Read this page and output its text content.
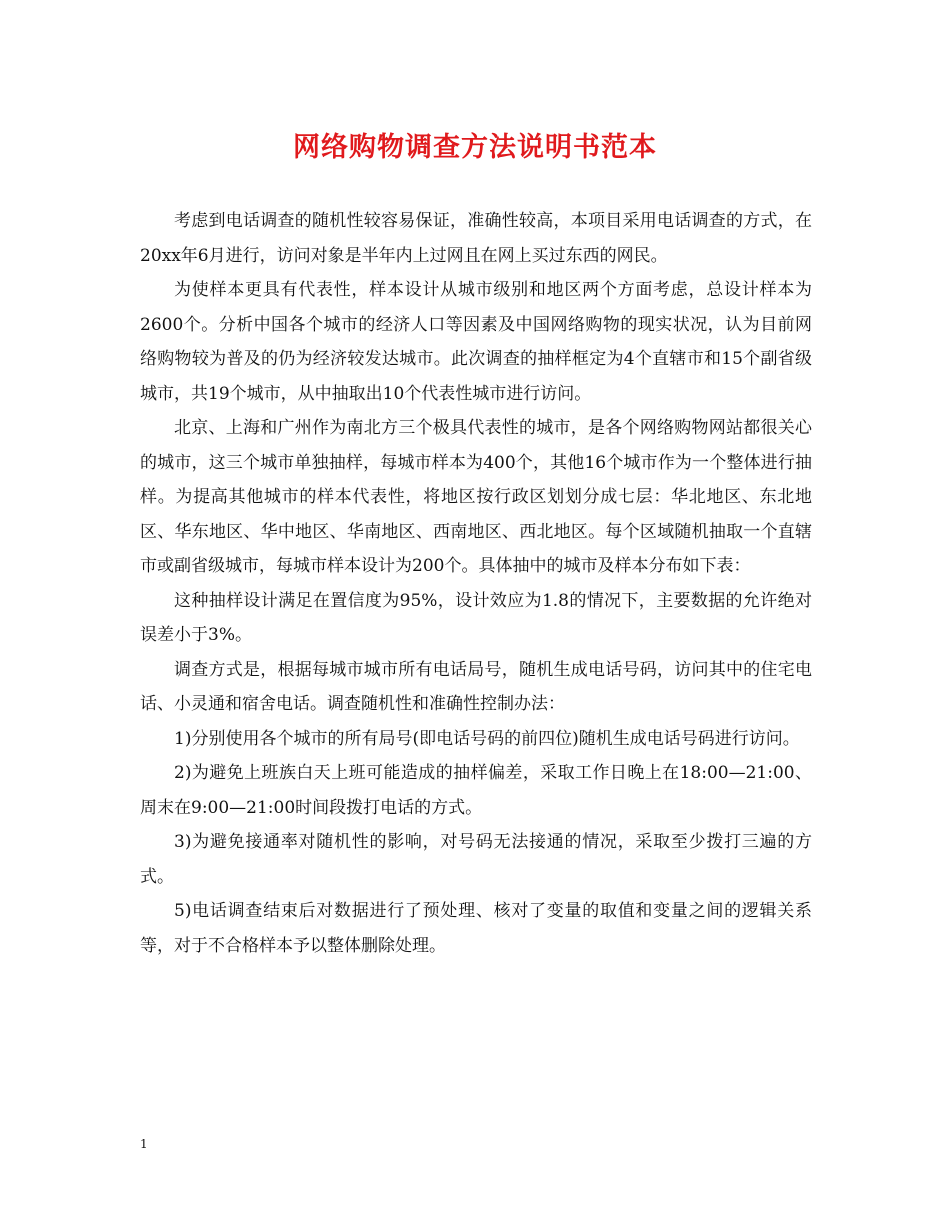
网络购物调查方法说明书范本

考虑到电话调查的随机性较容易保证，准确性较高，本项目采用电话调查的方式，在20xx年6月进行，访问对象是半年内上过网且在网上买过东西的网民。

为使样本更具有代表性，样本设计从城市级别和地区两个方面考虑，总设计样本为2600个。分析中国各个城市的经济人口等因素及中国网络购物的现实状况，认为目前网络购物较为普及的仍为经济较发达城市。此次调查的抽样框定为4个直辖市和15个副省级城市，共19个城市，从中抽取出10个代表性城市进行访问。

北京、上海和广州作为南北方三个极具代表性的城市，是各个网络购物网站都很关心的城市，这三个城市单独抽样，每城市样本为400个，其他16个城市作为一个整体进行抽样。为提高其他城市的样本代表性，将地区按行政区划划分成七层：华北地区、东北地区、华东地区、华中地区、华南地区、西南地区、西北地区。每个区域随机抽取一个直辖市或副省级城市，每城市样本设计为200个。具体抽中的城市及样本分布如下表：

这种抽样设计满足在置信度为95%，设计效应为1.8的情况下，主要数据的允许绝对误差小于3%。

调查方式是，根据每城市城市所有电话局号，随机生成电话号码，访问其中的住宅电话、小灵通和宿舍电话。调查随机性和准确性控制办法：

1)分别使用各个城市的所有局号(即电话号码的前四位)随机生成电话号码进行访问。

2)为避免上班族白天上班可能造成的抽样偏差，采取工作日晚上在18:00—21:00、周末在9:00—21:00时间段拨打电话的方式。

3)为避免接通率对随机性的影响，对号码无法接通的情况，采取至少拨打三遍的方式。

5)电话调查结束后对数据进行了预处理、核对了变量的取值和变量之间的逻辑关系等，对于不合格样本予以整体删除处理。

1
